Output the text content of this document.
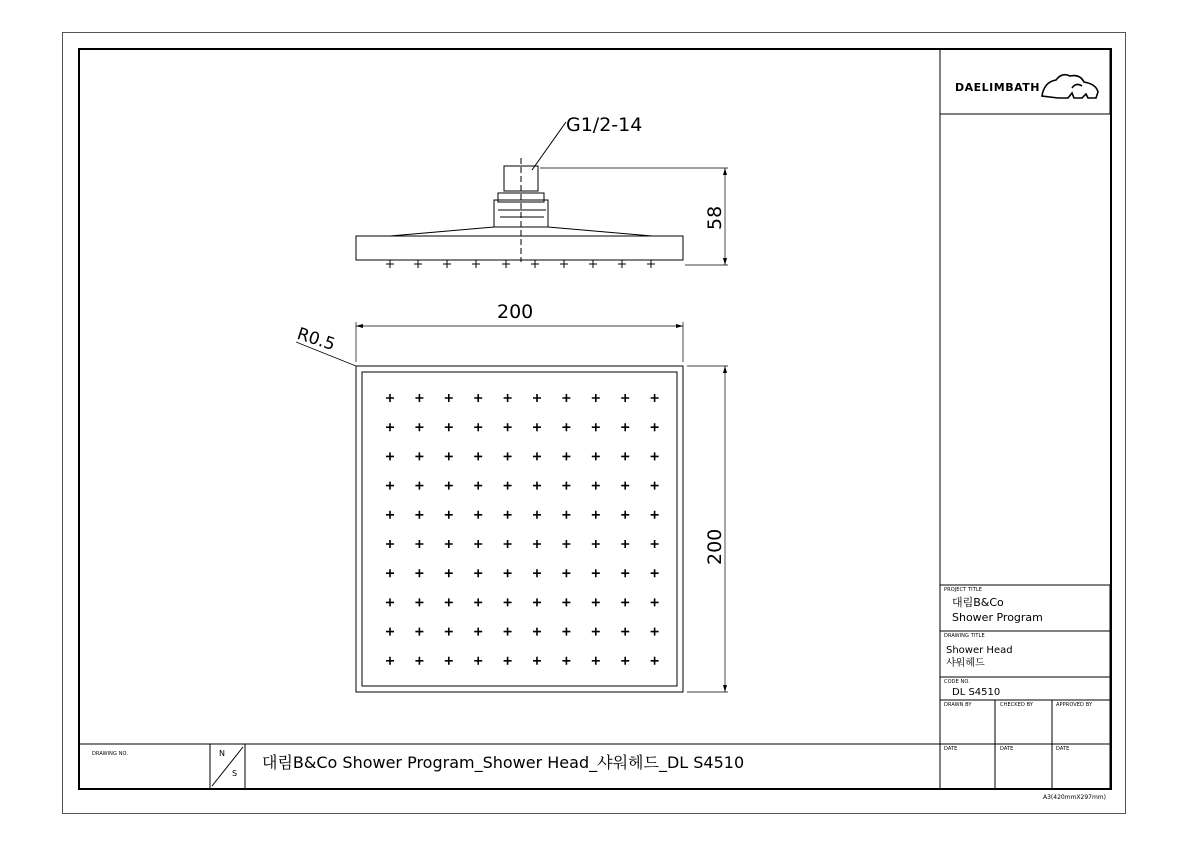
G1/2-14
58
200
200
R0.5
DAELIMBATH
PROJECT TITLE
대림B&Co
Shower Program
DRAWING TITLE
Shower Head
샤워헤드
CODE NO.
DL S4510
DRAWN BY	CHECKED BY	APPROVED BY
DATE	DATE	DATE
DRAWING NO.	N
S
대림B&Co Shower Program_Shower Head_샤워헤드_DL S4510
A3(420mmX297mm)
